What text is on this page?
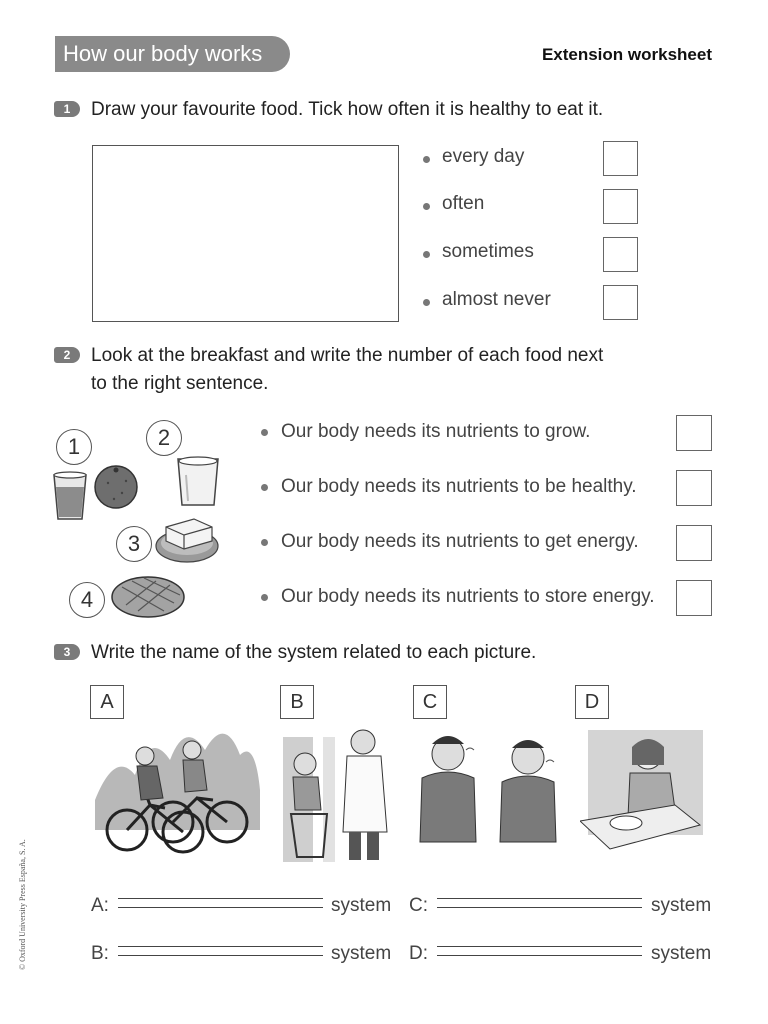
How our body works	Extension worksheet
1	Draw your favourite food. Tick how often it is healthy to eat it.
every day
often
sometimes
almost never
2	Look at the breakfast and write the number of each food next
to the right sentence.
1	2
3
4
Our body needs its nutrients to grow.
Our body needs its nutrients to be healthy.
Our body needs its nutrients to get energy.
Our body needs its nutrients to store energy.
3	Write the name of the system related to each picture.
A	B	C	D
A:	system
B:	system
C:	system
D:	system
© Oxford University Press España, S. A.
